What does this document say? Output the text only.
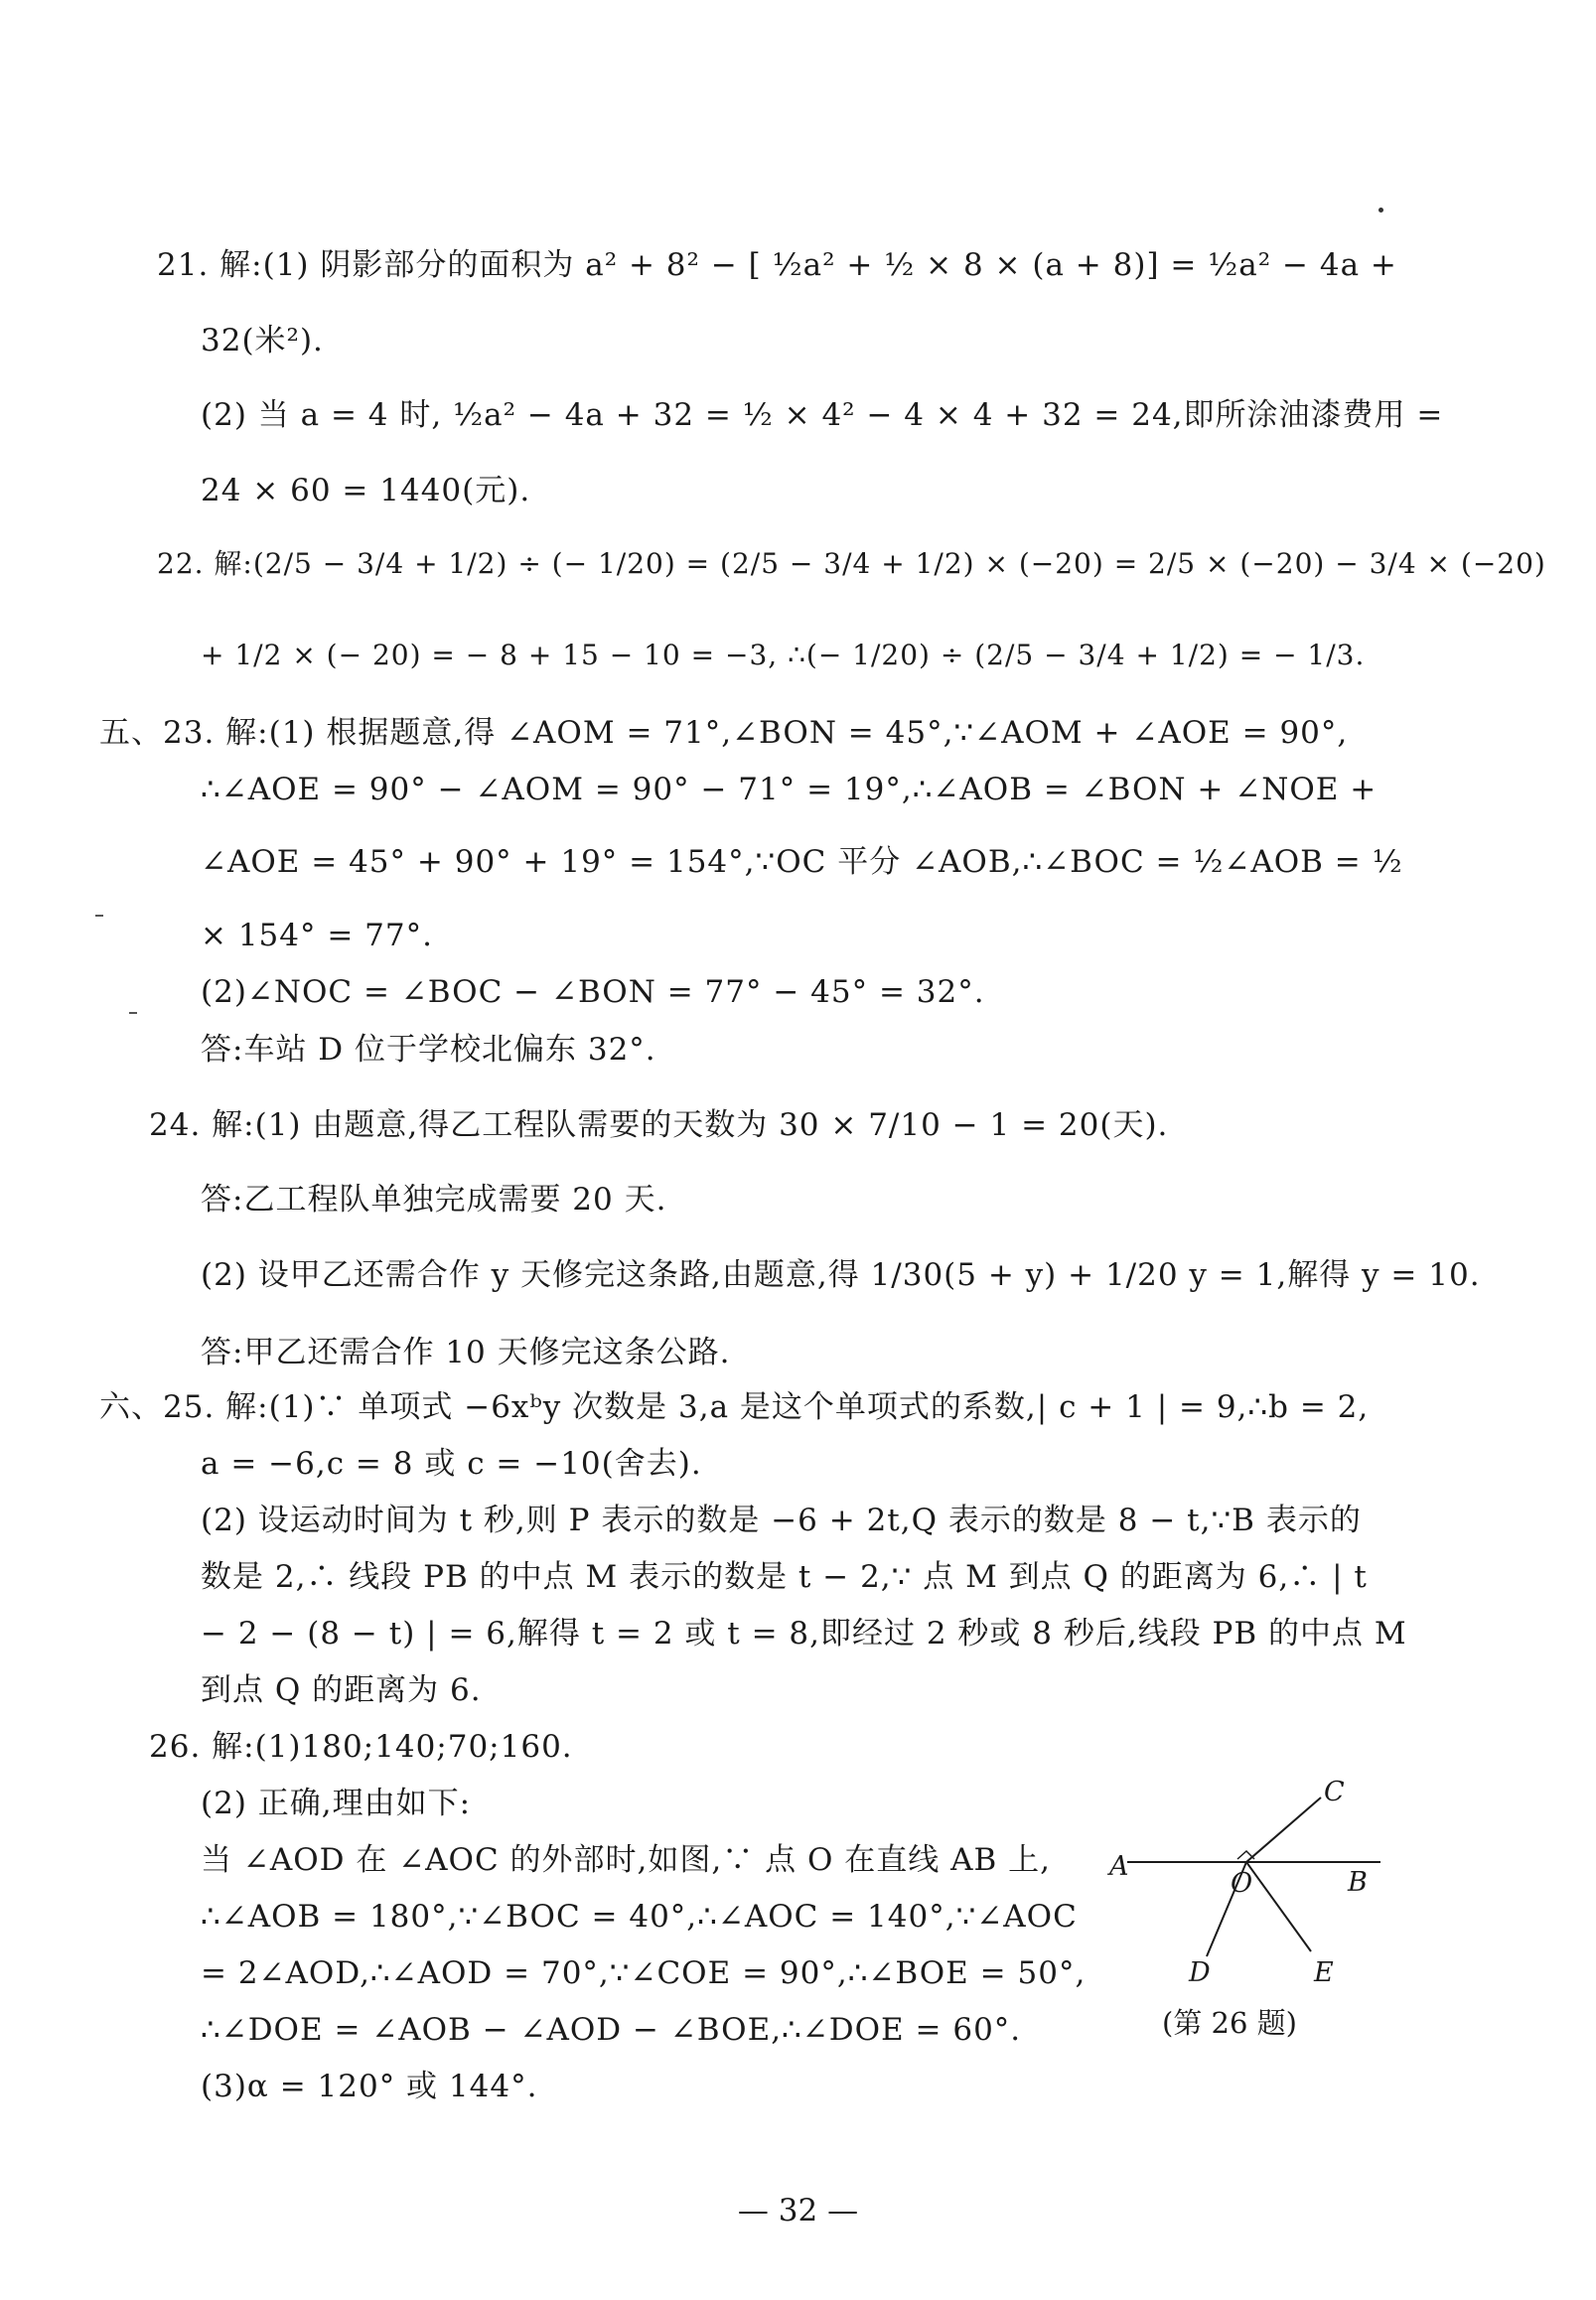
21. 解:(1) 阴影部分的面积为 a² + 8² − [ ½a² + ½ × 8 × (a + 8)] = ½a² − 4a +
32(米²).
(2) 当 a = 4 时, ½a² − 4a + 32 = ½ × 4² − 4 × 4 + 32 = 24,即所涂油漆费用 =
24 × 60 = 1440(元).
22. 解:(2/5 − 3/4 + 1/2) ÷ (− 1/20) = (2/5 − 3/4 + 1/2) × (−20) = 2/5 × (−20) − 3/4 × (−20)
+ 1/2 × (− 20) = − 8 + 15 − 10 = −3, ∴(− 1/20) ÷ (2/5 − 3/4 + 1/2) = − 1/3.
五、23. 解:(1) 根据题意,得 ∠AOM = 71°,∠BON = 45°,∵∠AOM + ∠AOE = 90°,
∴∠AOE = 90° − ∠AOM = 90° − 71° = 19°,∴∠AOB = ∠BON + ∠NOE +
∠AOE = 45° + 90° + 19° = 154°,∵OC 平分 ∠AOB,∴∠BOC = ½∠AOB = ½
× 154° = 77°.
(2)∠NOC = ∠BOC − ∠BON = 77° − 45° = 32°.
答:车站 D 位于学校北偏东 32°.
24. 解:(1) 由题意,得乙工程队需要的天数为 30 × 7/10 − 1 = 20(天).
答:乙工程队单独完成需要 20 天.
(2) 设甲乙还需合作 y 天修完这条路,由题意,得 1/30(5 + y) + 1/20 y = 1,解得 y = 10.
答:甲乙还需合作 10 天修完这条公路.
六、25. 解:(1)∵ 单项式 −6xᵇy 次数是 3,a 是这个单项式的系数,| c + 1 | = 9,∴b = 2,
a = −6,c = 8 或 c = −10(舍去).
(2) 设运动时间为 t 秒,则 P 表示的数是 −6 + 2t,Q 表示的数是 8 − t,∵B 表示的
数是 2,∴ 线段 PB 的中点 M 表示的数是 t − 2,∵ 点 M 到点 Q 的距离为 6,∴ | t
− 2 − (8 − t) | = 6,解得 t = 2 或 t = 8,即经过 2 秒或 8 秒后,线段 PB 的中点 M
到点 Q 的距离为 6.
26. 解:(1)180;140;70;160.
(2) 正确,理由如下:
当 ∠AOD 在 ∠AOC 的外部时,如图,∵ 点 O 在直线 AB 上,
∴∠AOB = 180°,∵∠BOC = 40°,∴∠AOC = 140°,∵∠AOC
= 2∠AOD,∴∠AOD = 70°,∵∠COE = 90°,∴∠BOE = 50°,
∴∠DOE = ∠AOB − ∠AOD − ∠BOE,∴∠DOE = 60°.
(3)α = 120° 或 144°.
C
A
O	B
D	E
(第 26 题)
— 32 —
